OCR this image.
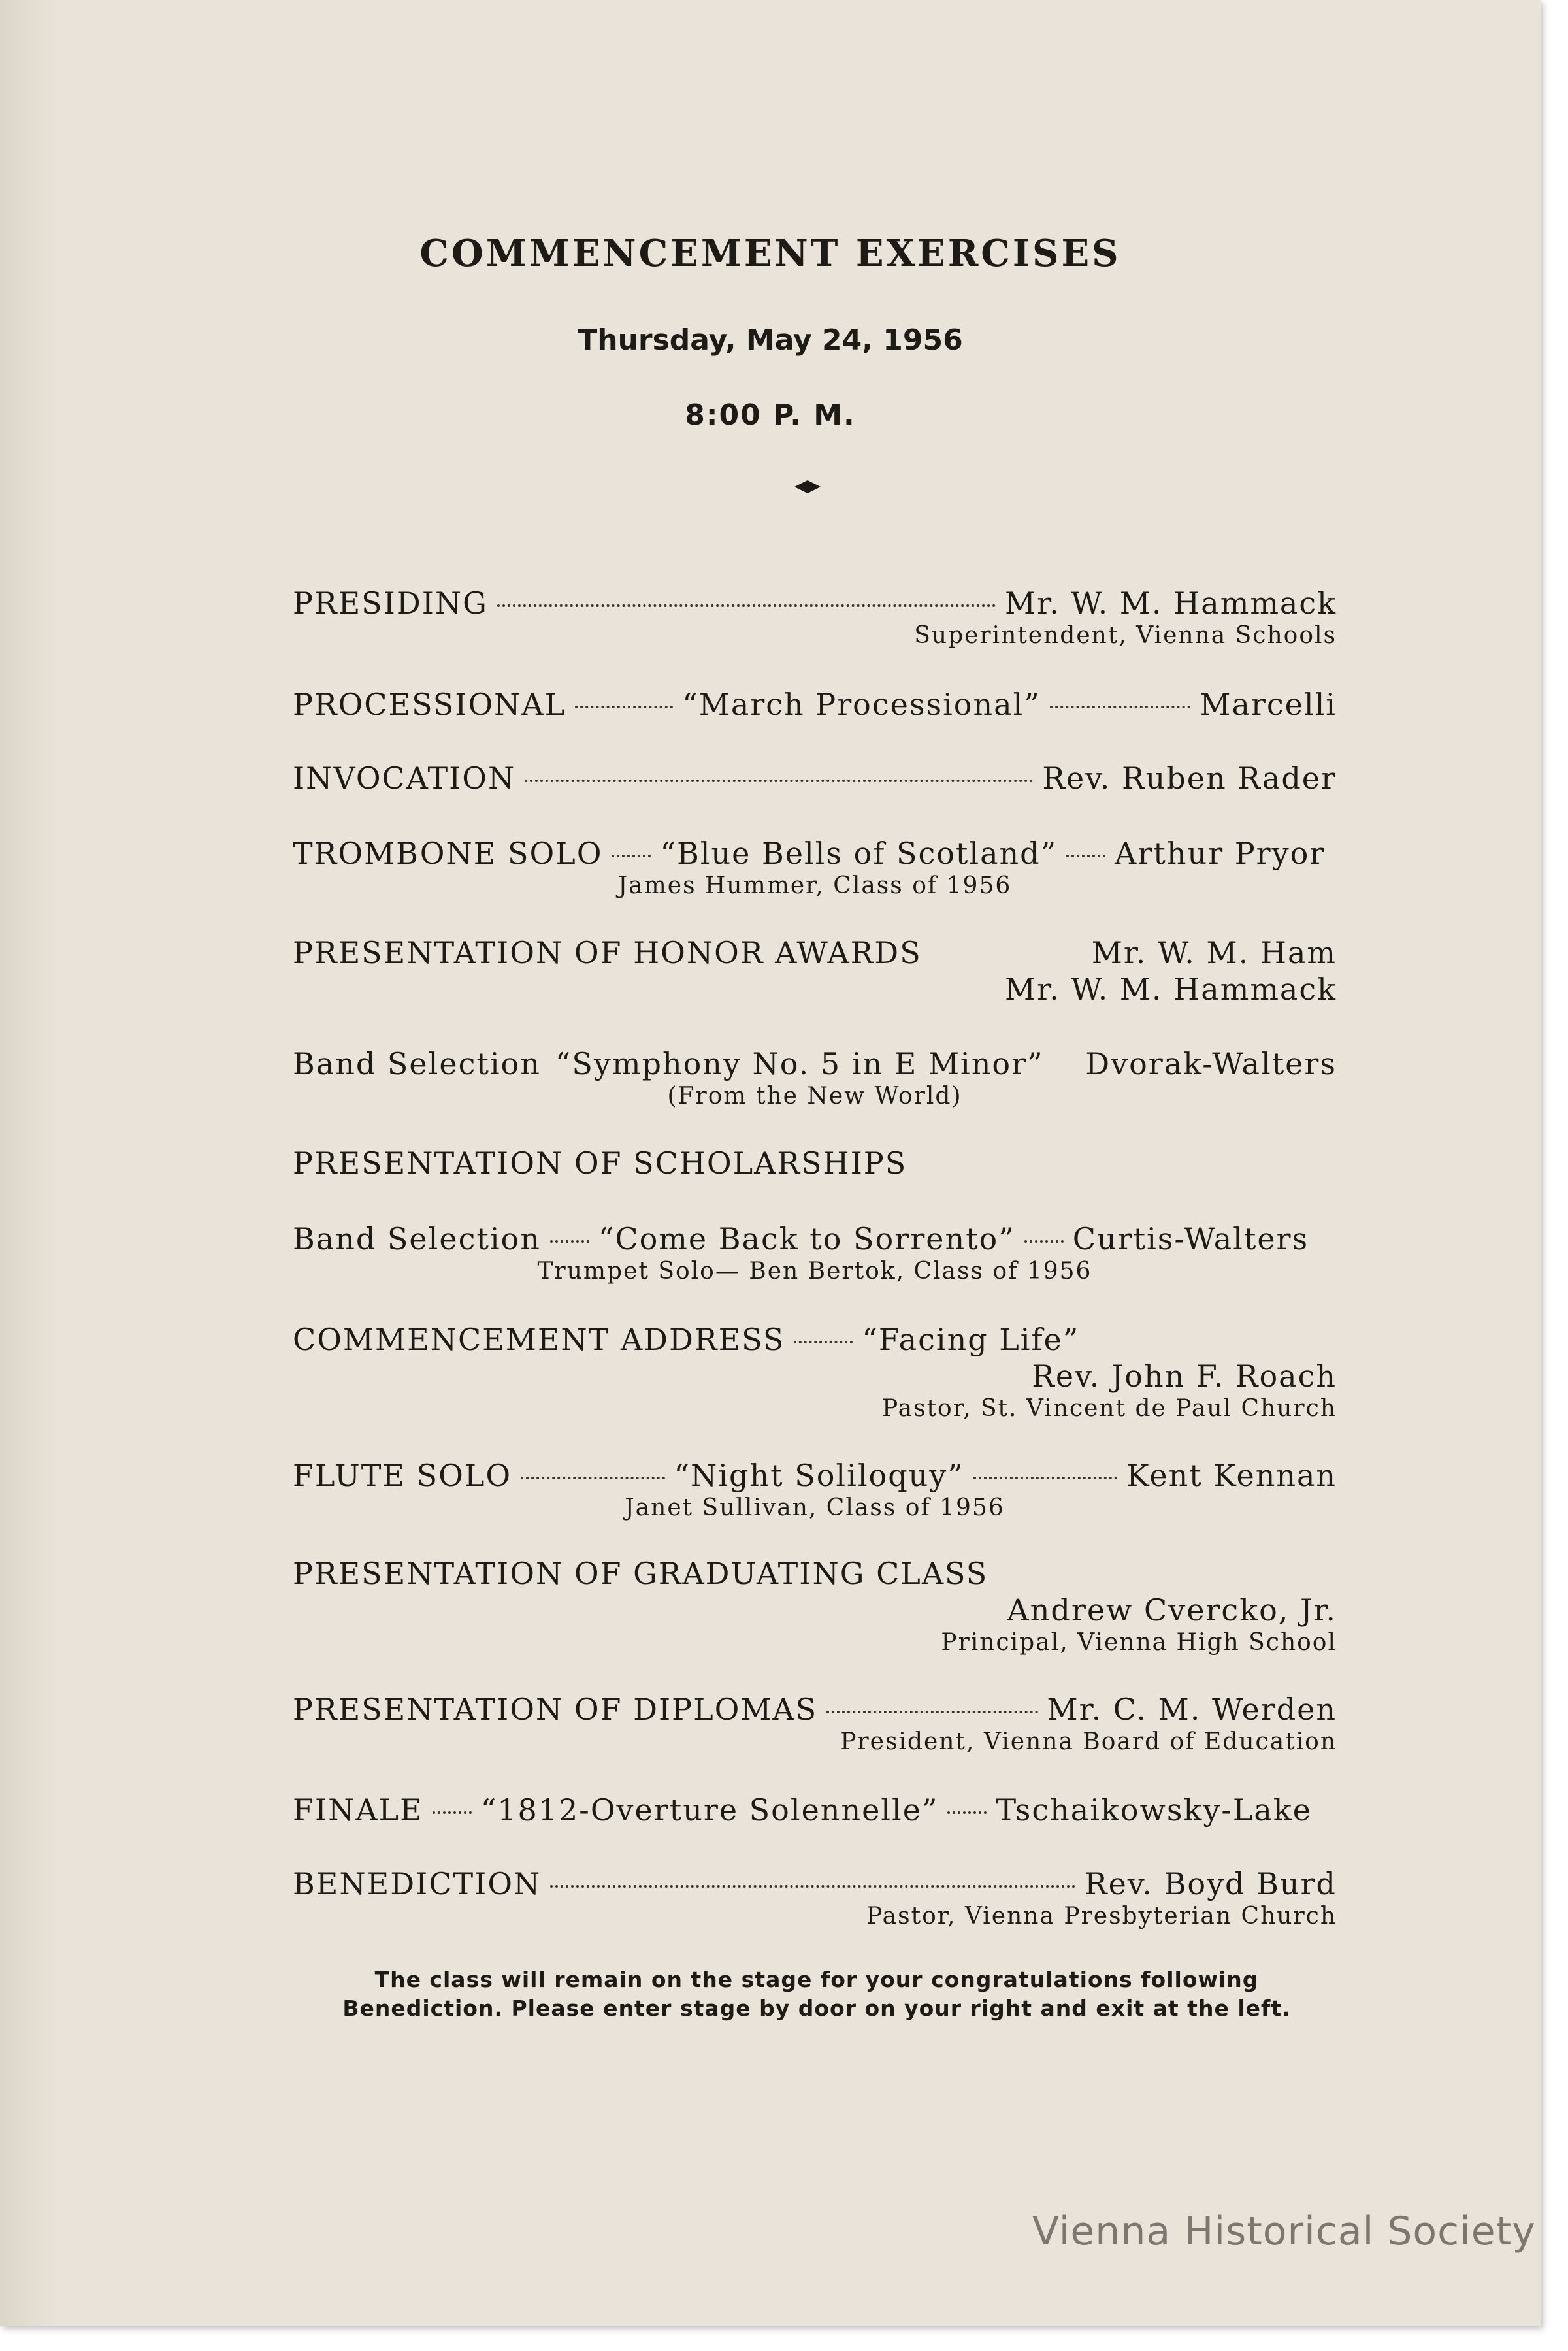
COMMENCEMENT EXERCISES
Thursday, May 24, 1956
8:00 P. M.
PRESIDING	Mr. W. M. Hammack
Superintendent, Vienna Schools
PROCESSIONAL	“March Processional”	Marcelli
INVOCATION	Rev. Ruben Rader
TROMBONE SOLO “Blue Bells of Scotland” Arthur Pryor
James Hummer, Class of 1956
PRESENTATION OF HONOR AWARDS	Mr. W. M. Ham
Mr. W. M. Hammack
Band Selection “Symphony No. 5 in E Minor” Dvorak-Walters
(From the New World)
PRESENTATION OF SCHOLARSHIPS
Band Selection “Come Back to Sorrento” Curtis-Walters
Trumpet Solo— Ben Bertok, Class of 1956
COMMENCEMENT ADDRESS	“Facing Life”
Rev. John F. Roach
Pastor, St. Vincent de Paul Church
FLUTE SOLO	“Night Soliloquy”	Kent Kennan
Janet Sullivan, Class of 1956
PRESENTATION OF GRADUATING CLASS
Andrew Cvercko, Jr.
Principal, Vienna High School
PRESENTATION OF DIPLOMAS	Mr. C. M. Werden
President, Vienna Board of Education
FINALE “1812-Overture Solennelle” Tschaikowsky-Lake
BENEDICTION	Rev. Boyd Burd
Pastor, Vienna Presbyterian Church
The class will remain on the stage for your congratulations following
Benediction. Please enter stage by door on your right and exit at the left.
Vienna Historical Society
